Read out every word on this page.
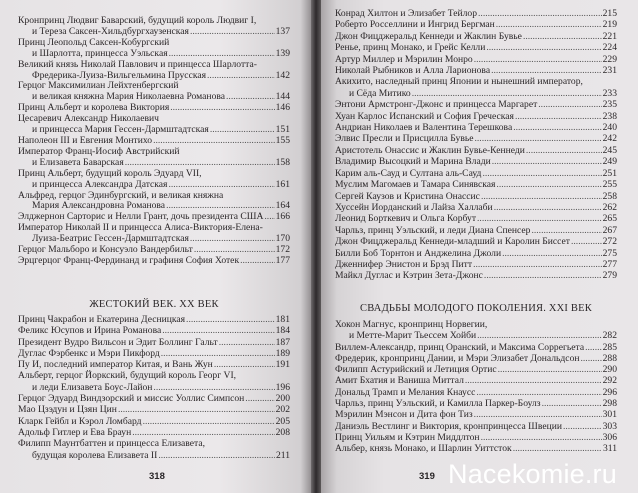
Кронпринц Людвиг Баварский, будущий король Людвиг I,
и Тереза Саксен-Хильдбургхаузенская .....	137
Принц Леопольд Саксен-Кобургский
и Шарлотта, принцесса Уэльская .....	139
Великий князь Николай Павлович и принцесса Шарлотта-
Фредерика-Луиза-Вильгельмина Прусская .....	142
Герцог Максимилиан Лейхтенбергский
и великая княжна Мария Николаевна Романова .....	144
Принц Альберт и королева Виктория .....	146
Цесаревич Александр Николаевич
и принцесса Мария Гессен-Дармштадтская .....	151
Наполеон III и Евгения Монтихо .....	155
Император Франц-Иосиф Австрийский
и Елизавета Баварская .....	158
Принц Альберт, будущий король Эдуард VII,
и принцесса Александра Датская .....	161
Альфред, герцог Эдинбургский, и великая княжна
Мария Александровна Романова .....	164
Элджернон Сарторис и Нелли Грант, дочь президента США ..... 166
Император Николай II и принцесса Алиса-Виктория-Елена-
Луиза-Беатрис Гессен-Дармштадтская .....	170
Герцог Мальборо и Консуэло Вандербильт .....	172
Эрцгерцог Франц-Фердинанд и графиня София Хотек .....	177
ЖЕСТОКИЙ ВЕК. XX ВЕК
Принц Чакрабон и Екатерина Десницкая .....	181
Феликс Юсупов и Ирина Романова .....	184
Президент Вудро Вильсон и Эдит Боллинг Гальт .....	187
Дуглас Фэрбенкс и Мэри Пикфорд .....	189
Пу И, последний император Китая, и Вань Жун .....	191
Альберт, герцог Йоркский, будущий король Георг VI,
и леди Елизавета Боус-Лайон .....	196
Герцог Эдуард Виндзорский и миссис Уоллис Симпсон .....	200
Мао Цзэдун и Цзян Цин .....	202
Кларк Гейбл и Кэрол Ломбард .....	205
Адольф Гитлер и Ева Браун .....	208
Филипп Маунтбаттен и принцесса Елизавета,
будущая королева Елизавета II .....	211
318
Конрад Хилтон и Элизабет Тейлор .....	215
Роберто Росселлини и Ингрид Бергман .....	219
Джон Фицджеральд Кеннеди и Жаклин Бувье .....	221
Ренье, принц Монако, и Грейс Келли .....	224
Артур Миллер и Мэрилин Монро .....	229
Николай Рыбников и Алла Ларионова .....	231
Акихито, наследный принц Японии и нынешний император,
и Сёда Митико .....	233
Энтони Армстронг-Джонс и принцесса Маргарет .....	235
Хуан Карлос Испанский и София Греческая .....	238
Андриан Николаев и Валентина Терешкова .....	240
Элвис Пресли и Присцилла Бувье .....	242
Аристотель Онассис и Жаклин Бувье-Кеннеди .....	245
Владимир Высоцкий и Марина Влади .....	249
Карим аль-Сауд и Султана аль-Сауд .....	251
Муслим Магомаев и Тамара Синявская .....	255
Сергей Каузов и Кристина Онассис .....	258
Хуссейн Иорданский и Лайза Халлаби .....	262
Леонид Борткевич и Ольга Корбут .....	265
Чарльз, принц Уэльский, и леди Диана Спенсер .....	267
Джон Фицджеральд Кеннеди-младший и Каролин Биссет .....	272
Билли Боб Торнтон и Анджелина Джоли .....	275
Дженнифер Энистон и Брэд Питт .....	277
Майкл Дуглас и Кэтрин Зета-Джонс .....	279
СВАДЬБЫ МОЛОДОГО ПОКОЛЕНИЯ. XXI ВЕК
Хокон Магнус, кронпринц Норвегии,
и Метте-Марит Тьессем Хойби .....	282
Виллем-Александр, принц Оранский, и Максима Соррегьета ..... 285
Фредерик, кронпринц Дании, и Мэри Элизабет Дональдсон ..... 288
Филипп Астурийский и Летиция Ортис .....	290
Амит Бхатия и Ваниша Миттал .....	292
Дональд Трамп и Мелания Кнаусс .....	296
Чарльз, принц Уэльский, и Камилла Паркер-Боулз .....	298
Мэрилин Мэнсон и Дита фон Тиз .....	301
Даниэль Вестлинг и Виктория, кронпринцесса Швеции .....	303
Принц Уильям и Кэтрин Миддлтон .....	306
Альбер, князь Монако, и Шарлин Уиттсток .....	311
319 Nacekomie.ru
